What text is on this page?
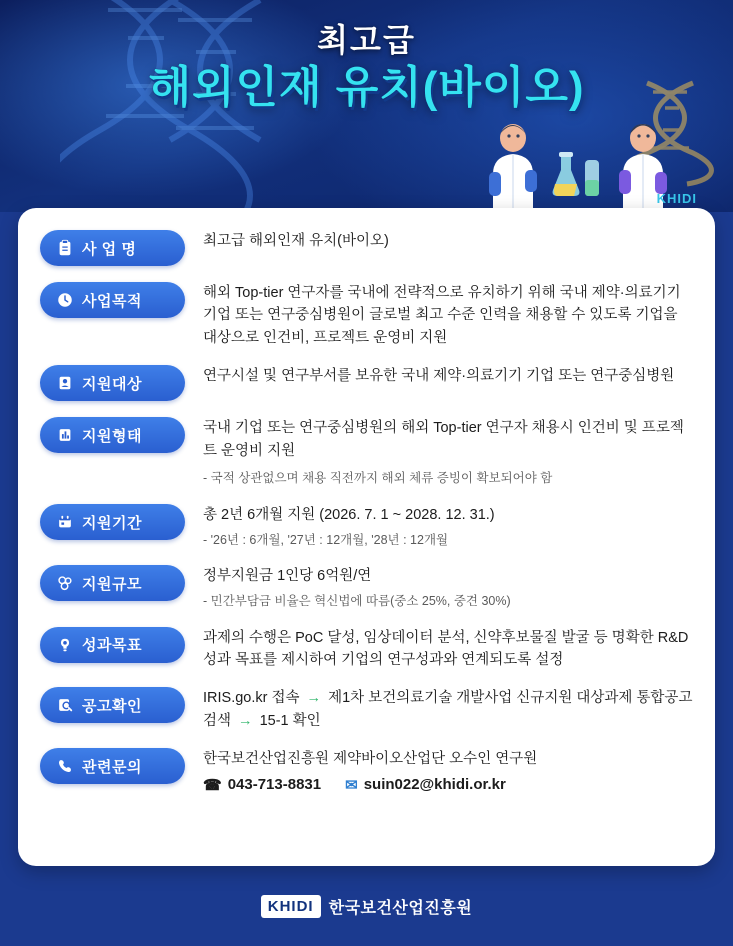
최고급
해외인재 유치(바이오)
KHIDI
사 업 명	최고급 해외인재 유치(바이오)
사업목적	해외 Top-tier 연구자를 국내에 전략적으로 유치하기 위해 국내 제약·의료기기 기업 또는 연구중심병원이 글로벌 최고 수준 인력을 채용할 수 있도록 기업을 대상으로 인건비, 프로젝트 운영비 지원
지원대상	연구시설 및 연구부서를 보유한 국내 제약·의료기기 기업 또는 연구중심병원
지원형태	국내 기업 또는 연구중심병원의 해외 Top-tier 연구자 채용시 인건비 및 프로젝트 운영비 지원
- 국적 상관없으며 채용 직전까지 해외 체류 증빙이 확보되어야 함
지원기간	총 2년 6개월 지원 (2026. 7. 1 ~ 2028. 12. 31.)
- '26년 : 6개월, '27년 : 12개월, '28년 : 12개월
지원규모	정부지원금 1인당 6억원/연
- 민간부담금 비율은 혁신법에 따름(중소 25%, 중견 30%)
성과목표	과제의 수행은 PoC 달성, 임상데이터 분석, 신약후보물질 발굴 등 명확한 R&D 성과 목표를 제시하여 기업의 연구성과와 연계되도록 설정
공고확인	IRIS.go.kr 접속 → 제1차 보건의료기술 개발사업 신규지원 대상과제 통합공고 검색 → 15-1 확인
관련문의	한국보건산업진흥원 제약바이오산업단 오수인 연구원
☎ 043-713-8831 ✉ suin022@khidi.or.kr
KHIDI 한국보건산업진흥원
